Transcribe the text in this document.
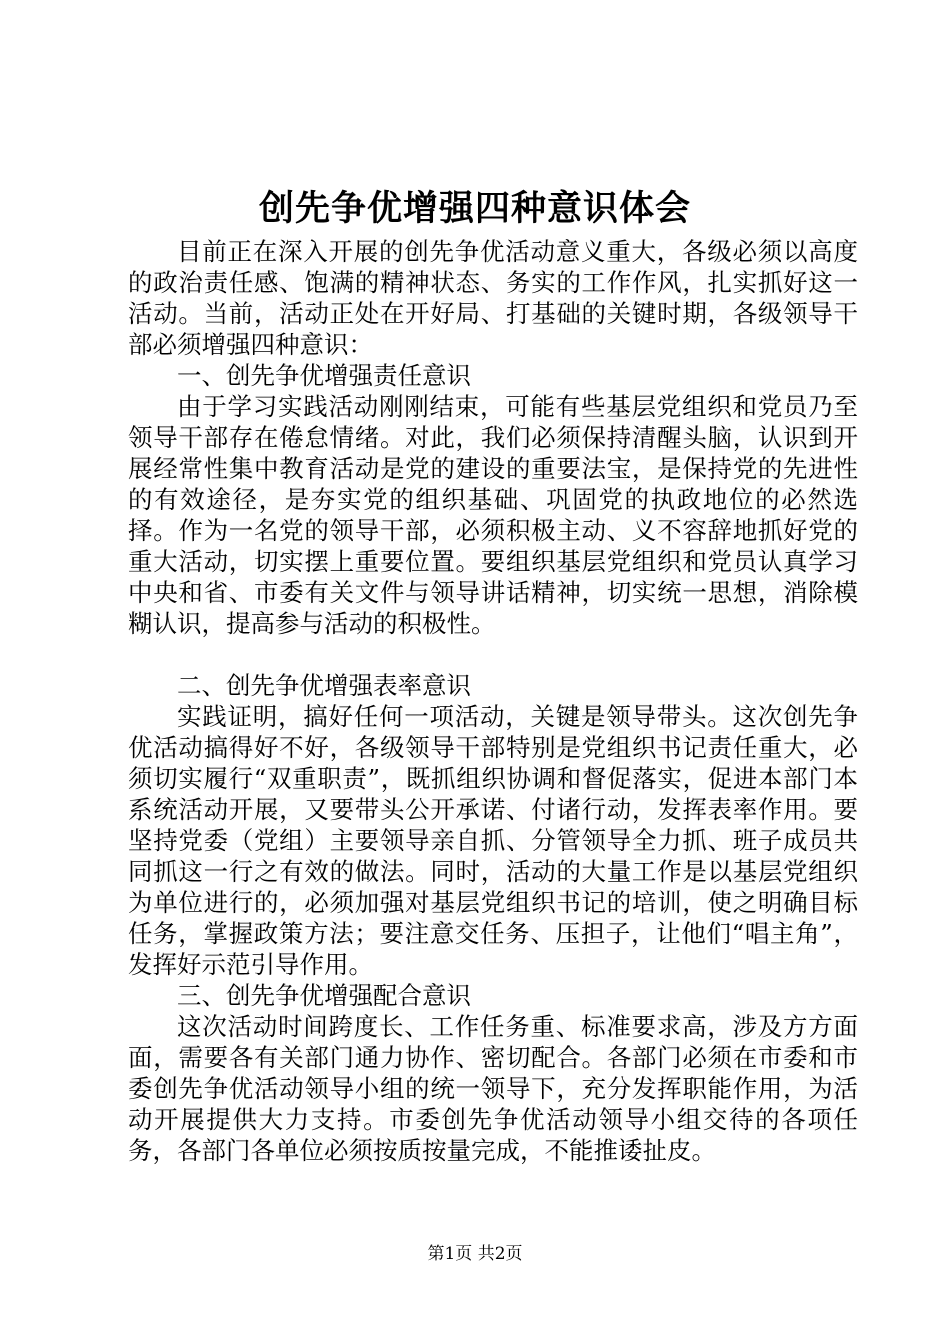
创先争优增强四种意识体会

目前正在深入开展的创先争优活动意义重大，各级必须以高度的政治责任感、饱满的精神状态、务实的工作作风，扎实抓好这一活动。当前，活动正处在开好局、打基础的关键时期，各级领导干部必须增强四种意识：

一、创先争优增强责任意识

由于学习实践活动刚刚结束，可能有些基层党组织和党员乃至领导干部存在倦怠情绪。对此，我们必须保持清醒头脑，认识到开展经常性集中教育活动是党的建设的重要法宝，是保持党的先进性的有效途径，是夯实党的组织基础、巩固党的执政地位的必然选择。作为一名党的领导干部，必须积极主动、义不容辞地抓好党的重大活动，切实摆上重要位置。要组织基层党组织和党员认真学习中央和省、市委有关文件与领导讲话精神，切实统一思想，消除模糊认识，提高参与活动的积极性。

二、创先争优增强表率意识

实践证明，搞好任何一项活动，关键是领导带头。这次创先争优活动搞得好不好，各级领导干部特别是党组织书记责任重大，必须切实履行“双重职责”，既抓组织协调和督促落实，促进本部门本系统活动开展，又要带头公开承诺、付诸行动，发挥表率作用。要坚持党委（党组）主要领导亲自抓、分管领导全力抓、班子成员共同抓这一行之有效的做法。同时，活动的大量工作是以基层党组织为单位进行的，必须加强对基层党组织书记的培训，使之明确目标任务，掌握政策方法；要注意交任务、压担子，让他们“唱主角”，发挥好示范引导作用。

三、创先争优增强配合意识

这次活动时间跨度长、工作任务重、标准要求高，涉及方方面面，需要各有关部门通力协作、密切配合。各部门必须在市委和市委创先争优活动领导小组的统一领导下，充分发挥职能作用，为活动开展提供大力支持。市委创先争优活动领导小组交待的各项任务，各部门各单位必须按质按量完成，不能推诿扯皮。

第1页 共2页
